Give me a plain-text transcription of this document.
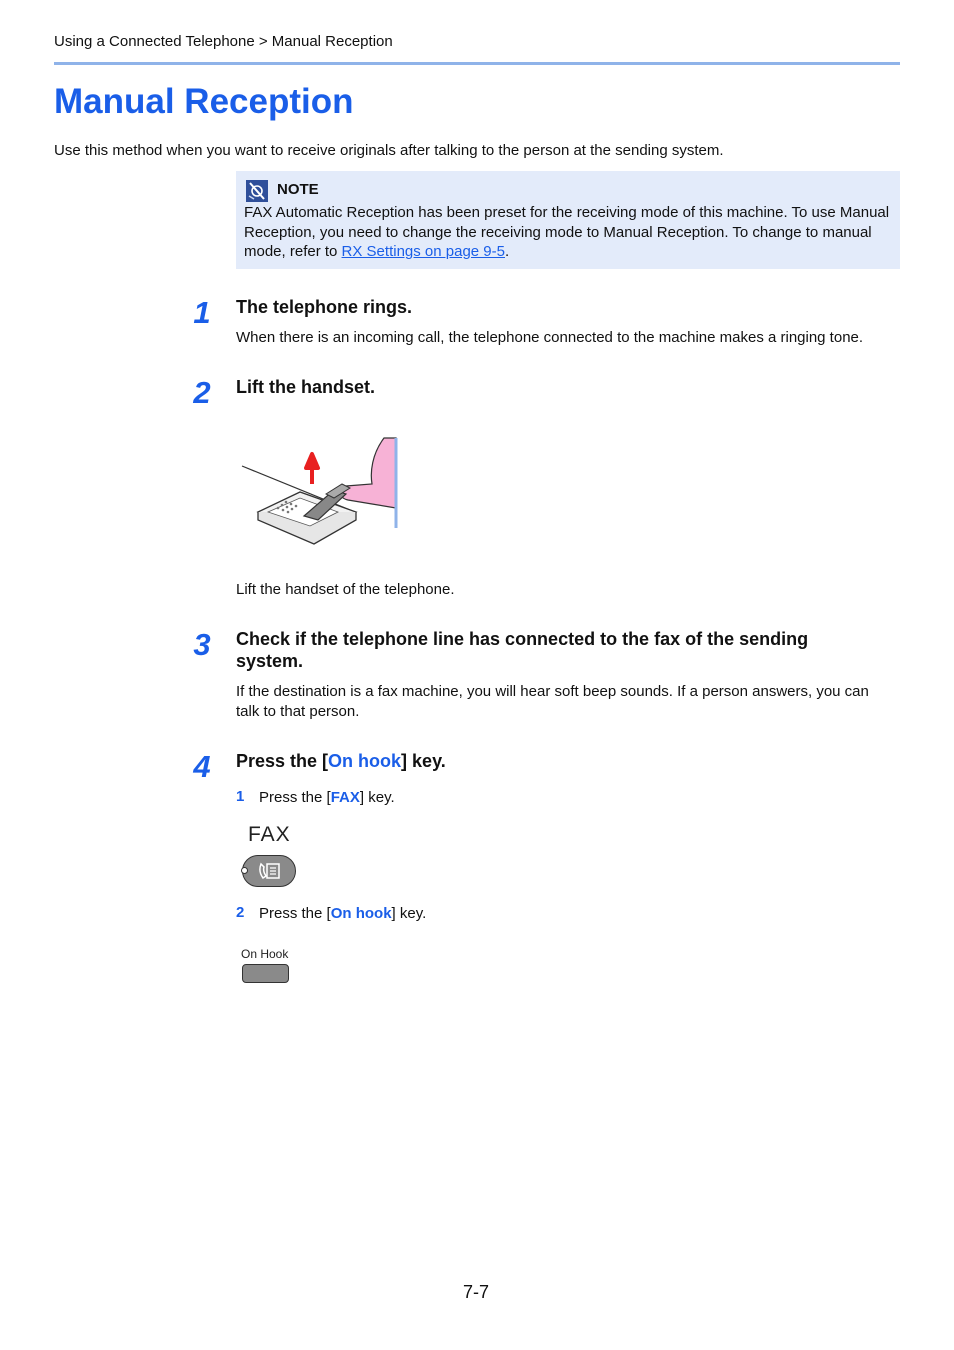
Using a Connected Telephone > Manual Reception
Manual Reception
Use this method when you want to receive originals after talking to the person at the sending system.
NOTE
FAX Automatic Reception has been preset for the receiving mode of this machine. To use Manual Reception, you need to change the receiving mode to Manual Reception. To change to manual mode, refer to RX Settings on page 9-5.
1	The telephone rings.
When there is an incoming call, the telephone connected to the machine makes a ringing tone.
2	Lift the handset.
Lift the handset of the telephone.
3	Check if the telephone line has connected to the fax of the sending system.
If the destination is a fax machine, you will hear soft beep sounds. If a person answers, you can talk to that person.
4	Press the [On hook] key.
1 Press the [FAX] key.
FAX
2 Press the [On hook] key.
On Hook
7-7
